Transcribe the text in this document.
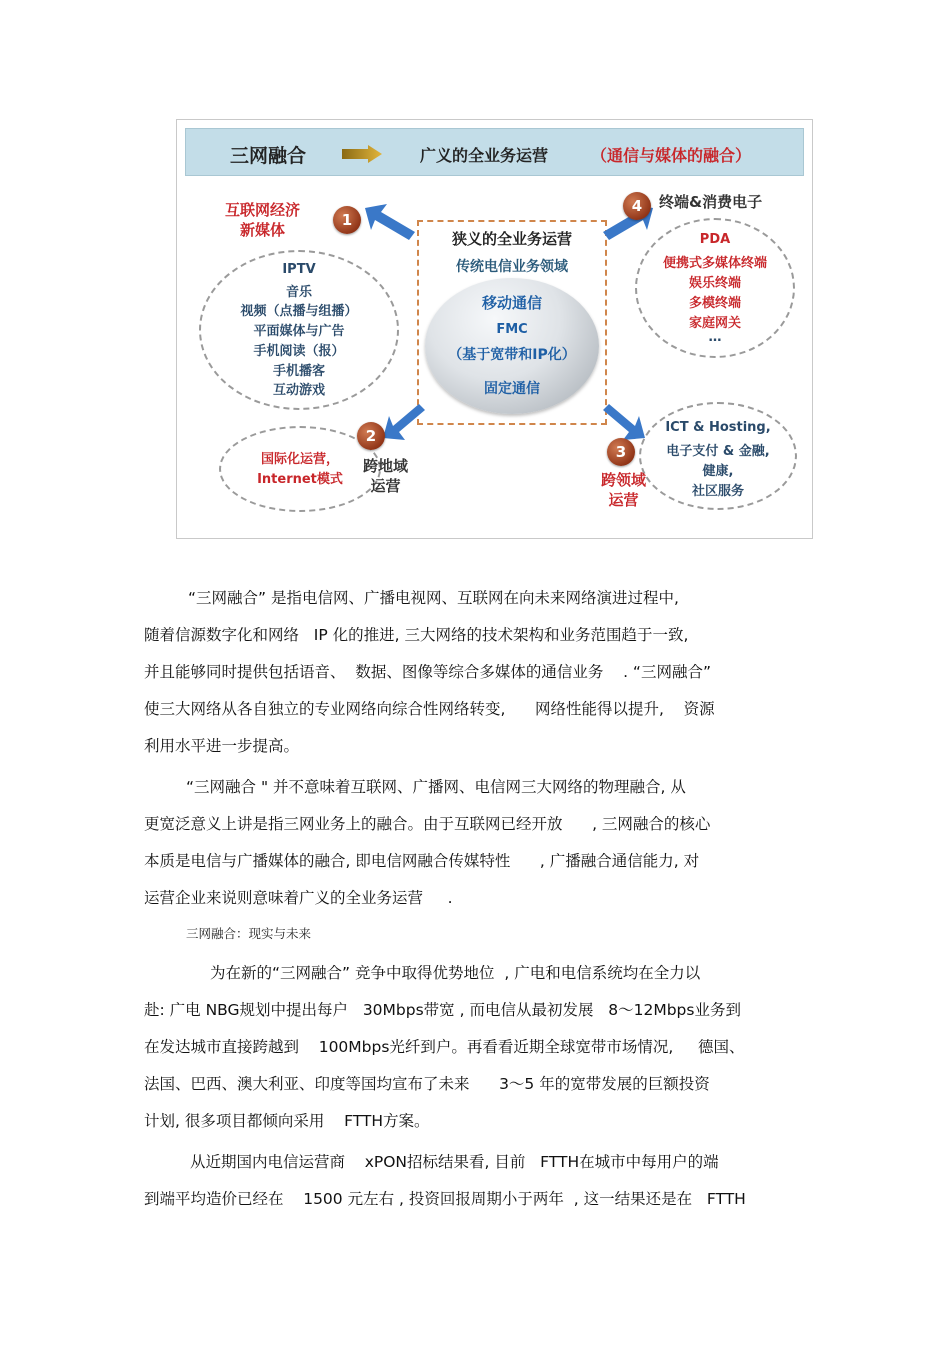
三网融合	广义的全业务运营	（通信与媒体的融合）
狭义的全业务运营
传统电信业务领域
移动通信
FMC
（基于宽带和IP化）
固定通信
互联网经济
新媒体
1
IPTV
音乐
视频（点播与组播）
平面媒体与广告
手机阅读（报）
手机播客
互动游戏
国际化运营，
Internet模式
2
跨地域
运营
4	终端&消费电子
PDA
便携式多媒体终端
娱乐终端
多模终端
家庭网关
…
ICT & Hosting,
电子支付 & 金融,
健康,
社区服务
3
跨领域
运营
“三网融合” 是指电信网、广播电视网、互联网在向未来网络演进过程中,
随着信源数字化和网络   IP 化的推进, 三大网络的技术架构和业务范围趋于一致,
并且能够同时提供包括语音、  数据、图像等综合多媒体的通信业务    . “三网融合”
使三大网络从各自独立的专业网络向综合性网络转变,      网络性能得以提升,    资源
利用水平进一步提高。
“三网融合 " 并不意味着互联网、广播网、电信网三大网络的物理融合, 从
更宽泛意义上讲是指三网业务上的融合。由于互联网已经开放      , 三网融合的核心
本质是电信与广播媒体的融合, 即电信网融合传媒特性      , 广播融合通信能力, 对
运营企业来说则意味着广义的全业务运营     .
三网融合：现实与未来
为在新的“三网融合” 竞争中取得优势地位  , 广电和电信系统均在全力以
赴: 广电 NBG规划中提出每户   30Mbps带宽 , 而电信从最初发展   8～12Mbps业务到
在发达城市直接跨越到    100Mbps光纤到户。再看看近期全球宽带市场情况,     德国、
法国、巴西、澳大利亚、印度等国均宣布了未来      3～5 年的宽带发展的巨额投资
计划, 很多项目都倾向采用    FTTH方案。
从近期国内电信运营商    xPON招标结果看, 目前   FTTH在城市中每用户的端
到端平均造价已经在    1500 元左右 , 投资回报周期小于两年  , 这一结果还是在   FTTH
